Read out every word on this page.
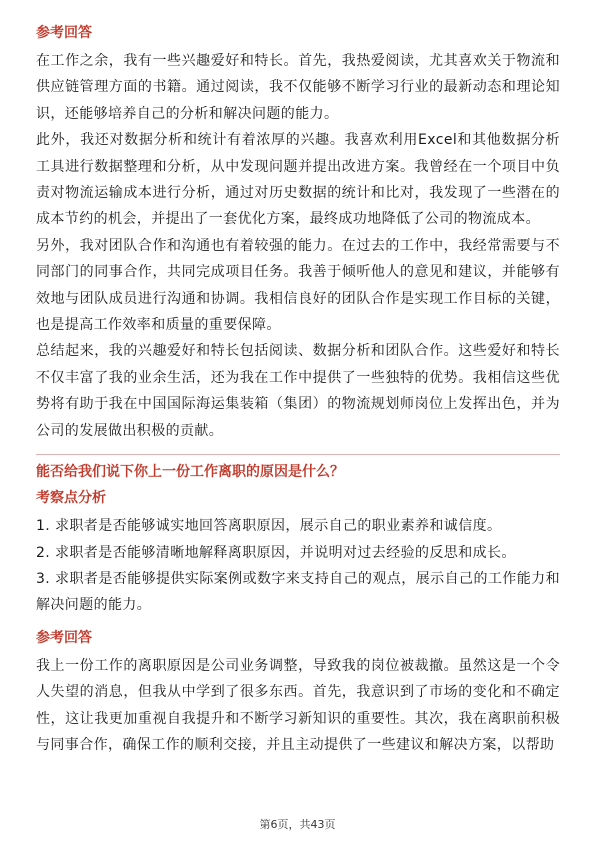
参考回答

在工作之余，我有一些兴趣爱好和特长。首先，我热爱阅读，尤其喜欢关于物流和供应链管理方面的书籍。通过阅读，我不仅能够不断学习行业的最新动态和理论知识，还能够培养自己的分析和解决问题的能力。

此外，我还对数据分析和统计有着浓厚的兴趣。我喜欢利用Excel和其他数据分析工具进行数据整理和分析，从中发现问题并提出改进方案。我曾经在一个项目中负责对物流运输成本进行分析，通过对历史数据的统计和比对，我发现了一些潜在的成本节约的机会，并提出了一套优化方案，最终成功地降低了公司的物流成本。

另外，我对团队合作和沟通也有着较强的能力。在过去的工作中，我经常需要与不同部门的同事合作，共同完成项目任务。我善于倾听他人的意见和建议，并能够有效地与团队成员进行沟通和协调。我相信良好的团队合作是实现工作目标的关键，也是提高工作效率和质量的重要保障。

总结起来，我的兴趣爱好和特长包括阅读、数据分析和团队合作。这些爱好和特长不仅丰富了我的业余生活，还为我在工作中提供了一些独特的优势。我相信这些优势将有助于我在中国国际海运集装箱（集团）的物流规划师岗位上发挥出色，并为公司的发展做出积极的贡献。

能否给我们说下你上一份工作离职的原因是什么？
考察点分析
1. 求职者是否能够诚实地回答离职原因，展示自己的职业素养和诚信度。
2. 求职者是否能够清晰地解释离职原因，并说明对过去经验的反思和成长。
3. 求职者是否能够提供实际案例或数字来支持自己的观点，展示自己的工作能力和解决问题的能力。
参考回答

我上一份工作的离职原因是公司业务调整，导致我的岗位被裁撤。虽然这是一个令人失望的消息，但我从中学到了很多东西。首先，我意识到了市场的变化和不确定性，这让我更加重视自我提升和不断学习新知识的重要性。其次，我在离职前积极与同事合作，确保工作的顺利交接，并且主动提供了一些建议和解决方案，以帮助

第6页，共43页
